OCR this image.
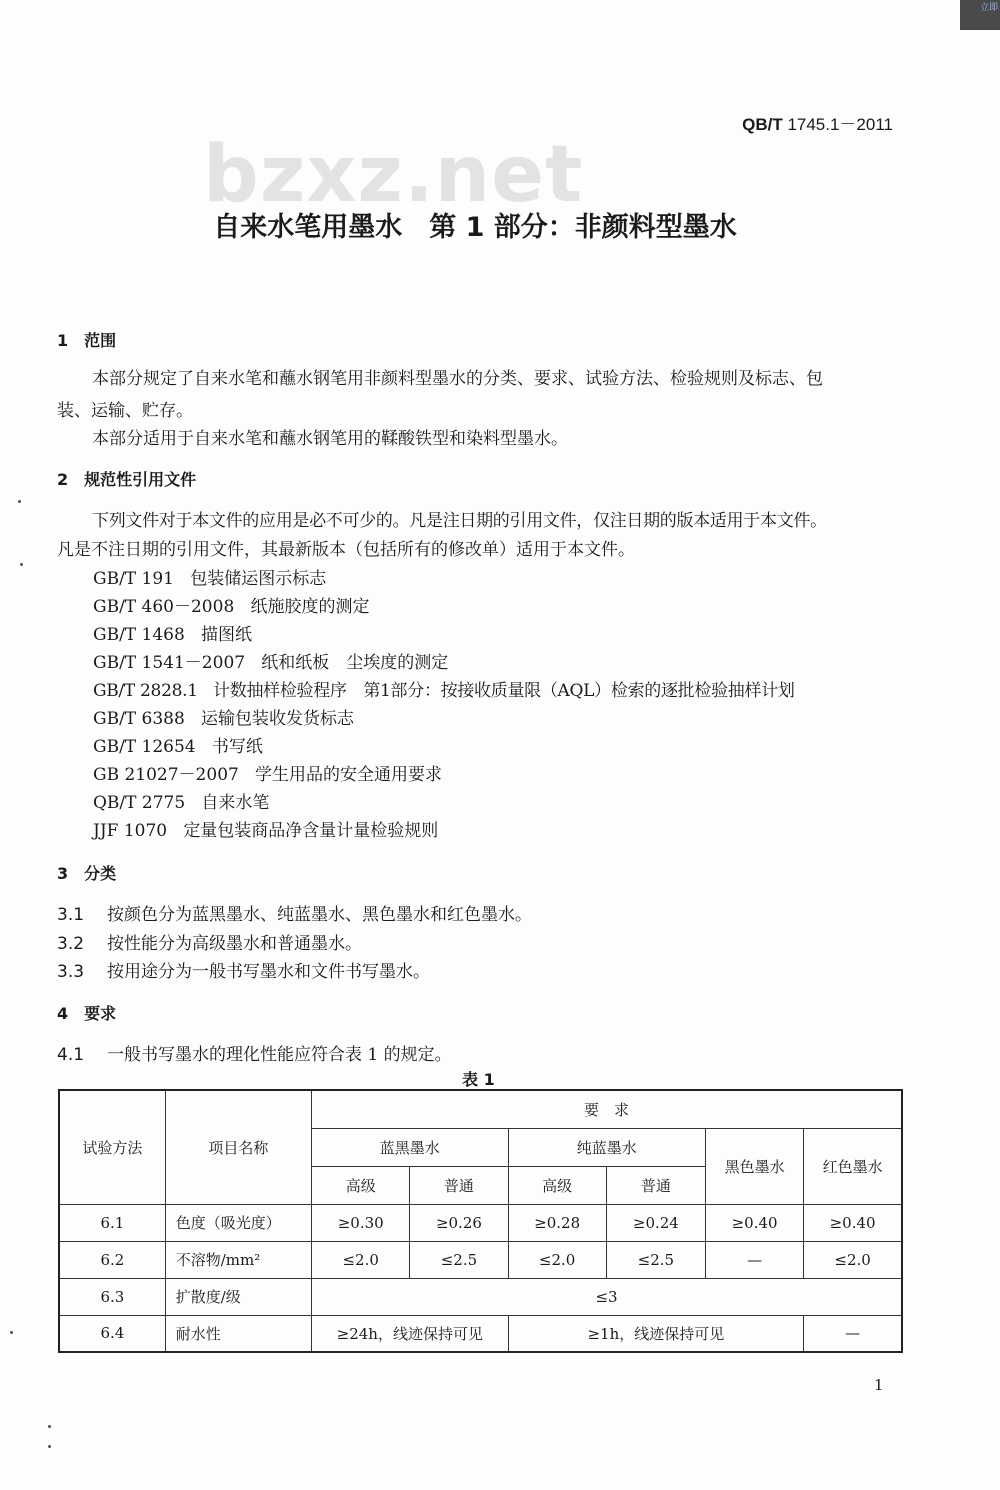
立即
QB/T 1745.1－2011
bzxz.net
自来水笔用墨水　第 1 部分：非颜料型墨水
1　范围
本部分规定了自来水笔和蘸水钢笔用非颜料型墨水的分类、要求、试验方法、检验规则及标志、包
装、运输、贮存。
本部分适用于自来水笔和蘸水钢笔用的鞣酸铁型和染料型墨水。
2　规范性引用文件
下列文件对于本文件的应用是必不可少的。凡是注日期的引用文件，仅注日期的版本适用于本文件。
凡是不注日期的引用文件，其最新版本（包括所有的修改单）适用于本文件。
GB/T 191 包装储运图示标志
GB/T 460－2008 纸施胶度的测定
GB/T 1468 描图纸
GB/T 1541－2007 纸和纸板　尘埃度的测定
GB/T 2828.1 计数抽样检验程序　第1部分：按接收质量限（AQL）检索的逐批检验抽样计划
GB/T 6388 运输包装收发货标志
GB/T 12654 书写纸
GB 21027－2007 学生用品的安全通用要求
QB/T 2775 自来水笔
JJF 1070 定量包装商品净含量计量检验规则
3　分类
3.1 按颜色分为蓝黑墨水、纯蓝墨水、黑色墨水和红色墨水。
3.2 按性能分为高级墨水和普通墨水。
3.3 按用途分为一般书写墨水和文件书写墨水。
4　要求
4.1 一般书写墨水的理化性能应符合表 1 的规定。
表 1
试验方法	项目名称	要　求					
		蓝黑墨水		纯蓝墨水		黑色墨水	红色墨水
		高级	普通	高级	普通		
6.1	色度（吸光度）	≥0.30	≥0.26	≥0.28	≥0.24	≥0.40	≥0.40
6.2	不溶物/mm²	≤2.0	≤2.5	≤2.0	≤2.5	—	≤2.0
6.3	扩散度/级	≤3					
6.4	耐水性	≥24h，线迹保持可见		≥1h，线迹保持可见			—
1
